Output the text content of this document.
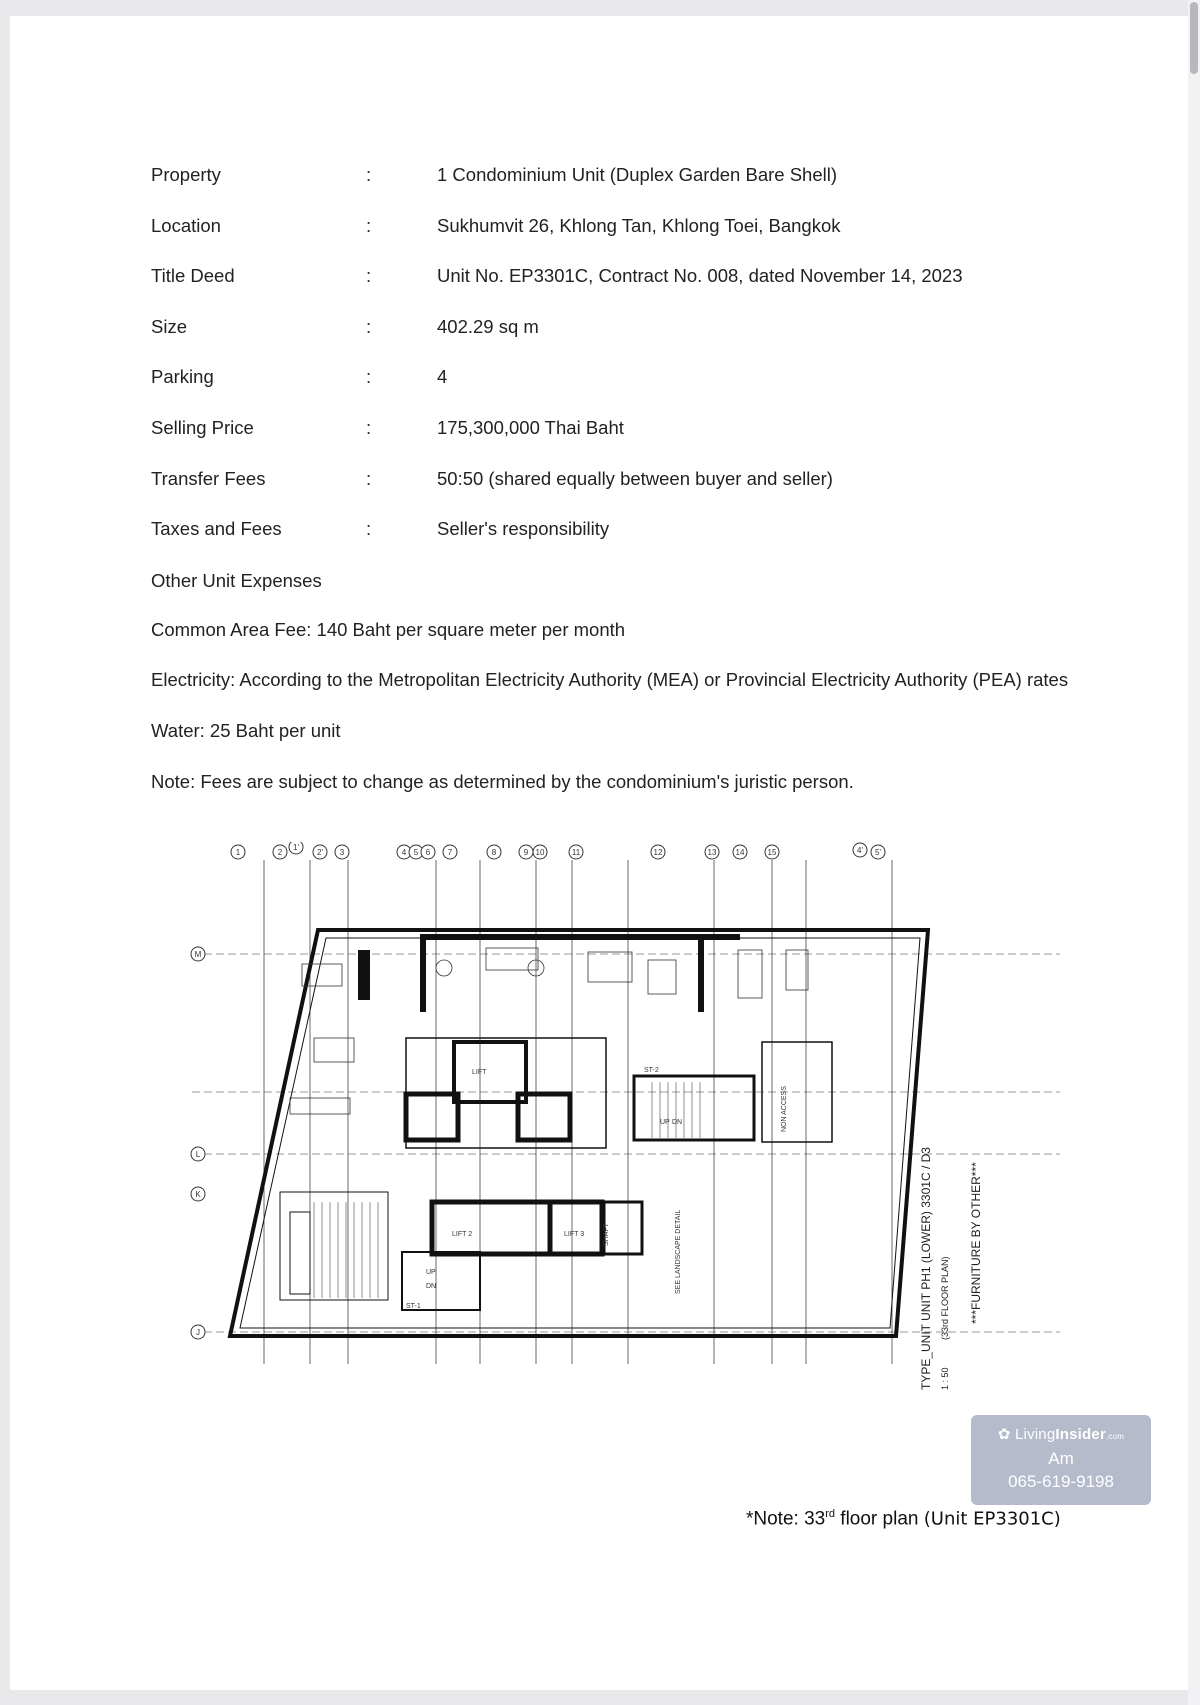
Property	:	1 Condominium Unit (Duplex Garden Bare Shell)
Location	:	Sukhumvit 26, Khlong Tan, Khlong Toei, Bangkok
Title Deed	:	Unit No. EP3301C, Contract No. 008, dated November 14, 2023
Size	:	402.29 sq m
Parking	:	4
Selling Price	:	175,300,000 Thai Baht
Transfer Fees	:	50:50 (shared equally between buyer and seller)
Taxes and Fees	:	Seller's responsibility
Other Unit Expenses
Common Area Fee: 140 Baht per square meter per month
Electricity: According to the Metropolitan Electricity Authority (MEA) or Provincial Electricity Authority (PEA) rates
Water: 25 Baht per unit
Note: Fees are subject to change as determined by the condominium's juristic person.
1	2
1'
2' 3	4 5 6 7	8	9 10	11	12	13 14	15	4' 5'
M
L
K
J
LIFT
LIFT 2	LIFT 3
ST-1
ST-2
NON ACCESS
SHAFT
UP
DN
UP DN
SEE LANDSCAPE DETAIL	TYPE_UNIT UNIT PH1 (LOWER) 3301C / D3 1 : 50
(33rd FLOOR PLAN) ***FURNITURE BY OTHER***
✿ LivingInsider.com
Am
065-619-9198
*Note: 33rd floor plan (Unit EP3301C)
